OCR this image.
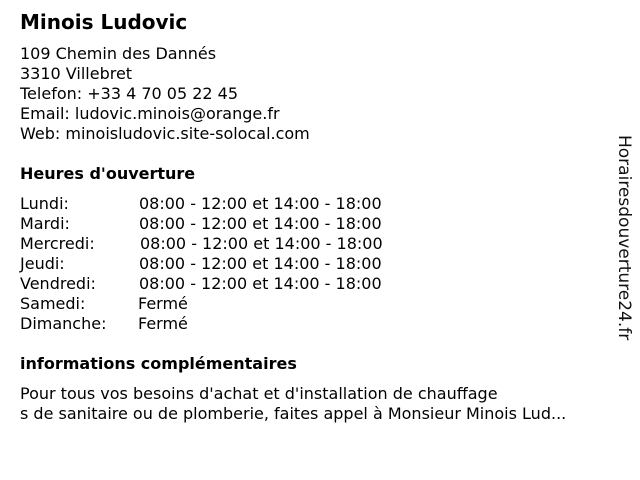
Minois Ludovic
109 Chemin des Dannés
3310 Villebret
Telefon: +33 4 70 05 22 45
Email: ludovic.minois@orange.fr
Web: minoisludovic.site-solocal.com
Heures d'ouverture
Lundi:	08:00 - 12:00 et 14:00 - 18:00
Mardi:	08:00 - 12:00 et 14:00 - 18:00
Mercredi:	08:00 - 12:00 et 14:00 - 18:00
Jeudi:	08:00 - 12:00 et 14:00 - 18:00
Vendredi:	08:00 - 12:00 et 14:00 - 18:00
Samedi:	Fermé
Dimanche: Fermé
informations complémentaires
Pour tous vos besoins d'achat et d'installation de chauffage
s de sanitaire ou de plomberie, faites appel à Monsieur Minois Lud...
Horairesdouverture24.fr
